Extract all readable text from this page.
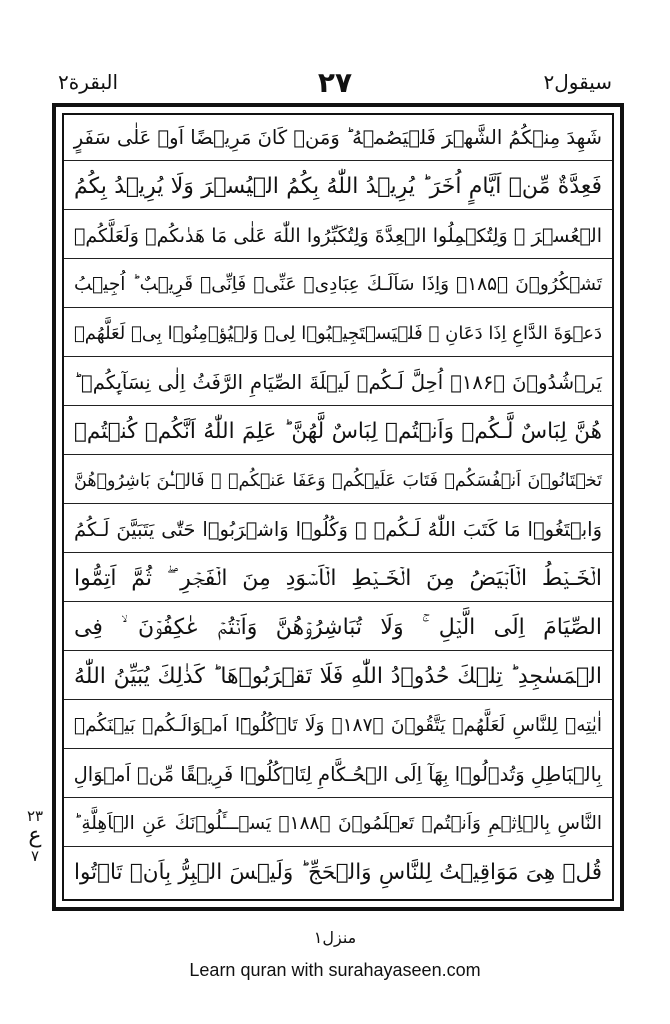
سیقول۲
۲۷
البقرة۲
شَهِدَ مِنۡكُمُ الشَّهۡرَ فَلۡيَصُمۡهُ ؕ وَمَنۡ كَانَ مَرِيۡضًا اَوۡ عَلٰى سَفَرٍ
فَعِدَّةٌ مِّنۡ اَيَّامٍ اُخَرَ ؕ يُرِيۡدُ اللّٰهُ بِكُمُ الۡيُسۡرَ وَلَا يُرِيۡدُ بِكُمُ
الۡعُسۡرَ ۡ وَلِتُكۡمِلُوا الۡعِدَّةَ وَلِتُكَبِّرُوا اللّٰهَ عَلٰى مَا هَدٰٮكُمۡ وَلَعَلَّكُمۡ
تَشۡكُرُوۡنَ ﴿۱۸۵﴾ وَاِذَا سَاَلَـكَ عِبَادِىۡ عَنِّىۡ فَاِنِّىۡ قَرِيۡبٌ ؕ اُجِيۡبُ
دَعۡوَةَ الدَّاعِ اِذَا دَعَانِ ۙ فَلۡيَسۡتَجِيۡبُوۡا لِىۡ وَلۡيُؤۡمِنُوۡا بِىۡ لَعَلَّهُمۡ
يَرۡشُدُوۡنَ ﴿۱۸۶﴾ اُحِلَّ لَـكُمۡ لَيۡلَةَ الصِّيَامِ الرَّفَثُ اِلٰى نِسَآٮِٕكُمۡ ؕ
هُنَّ لِبَاسٌ لَّـكُمۡ وَاَنۡتُمۡ لِبَاسٌ لَّهُنَّ ؕ عَلِمَ اللّٰهُ اَنَّكُمۡ كُنۡتُمۡ
تَخۡتَانُوۡنَ اَنۡفُسَكُمۡ فَتَابَ عَلَيۡكُمۡ وَعَفَا عَنۡكُمۡ ۚ فَالۡـٰٔنَ بَاشِرُوۡهُنَّ
وَابۡتَغُوۡا مَا كَتَبَ اللّٰهُ لَـكُمۡ ۚ وَكُلُوۡا وَاشۡرَبُوۡا حَتّٰى يَتَبَيَّنَ لَـكُمُ
الۡخَـيۡطُ الۡاَبۡيَضُ مِنَ الۡخَـيۡطِ الۡاَسۡوَدِ مِنَ الۡفَجۡرِ ۖ ثُمَّ اَتِمُّوا
الصِّيَامَ اِلَى الَّيۡلِ ۚ وَلَا تُبَاشِرُوۡهُنَّ وَاَنۡتُمۡ عٰكِفُوۡنَ ۙ فِى
الۡمَسٰجِدِ ؕ تِلۡكَ حُدُوۡدُ اللّٰهِ فَلَا تَقۡرَبُوۡهَا ؕ كَذٰلِكَ يُبَيِّنُ اللّٰهُ
اٰيٰتِهٖ لِلنَّاسِ لَعَلَّهُمۡ يَتَّقُوۡنَ ﴿۱۸۷﴾ وَلَا تَاۡكُلُوۡٓا اَمۡوَالَـكُمۡ بَيۡنَكُمۡ
بِالۡبَاطِلِ وَتُدۡلُوۡا بِهَآ اِلَى الۡحُـکَّامِ لِتَاۡکُلُوۡا فَرِيۡقًا مِّنۡ اَمۡوَالِ
النَّاسِ بِالۡاِثۡمِ وَاَنۡتُمۡ تَعۡلَمُوۡنَ ﴿۱۸۸﴾ يَسۡـــَٔلُوۡنَكَ عَنِ الۡاَهِلَّةِ ؕ
قُلۡ هِىَ مَوَاقِيۡتُ لِلنَّاسِ وَالۡحَجِّ ؕ وَلَيۡسَ الۡبِرُّ بِاَنۡ تَاۡتُوا
۲۳
ع
۷
منزل۱
Learn quran with surahayaseen.com
